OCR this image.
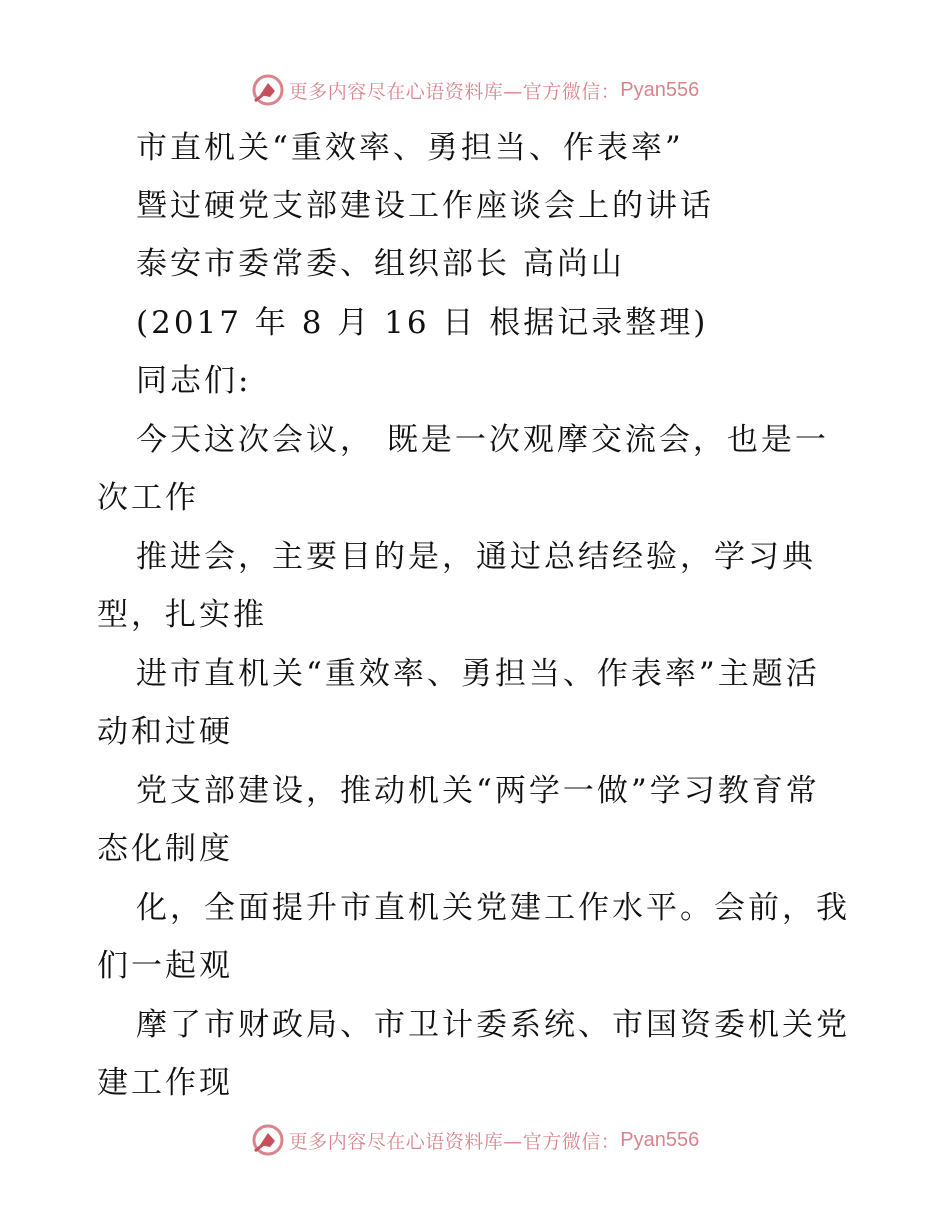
更多内容尽在心语资料库—官方微信： Pyan556
市直机关“重效率、勇担当、作表率”
暨过硬党支部建设工作座谈会上的讲话
泰安市委常委、组织部长 高尚山
(2017 年 8 月 16 日 根据记录整理)
同志们:
今天这次会议， 既是一次观摩交流会，也是一
次工作
推进会，主要目的是，通过总结经验，学习典
型，扎实推
进市直机关“重效率、勇担当、作表率”主题活
动和过硬
党支部建设，推动机关“两学一做”学习教育常
态化制度
化，全面提升市直机关党建工作水平。会前，我
们一起观
摩了市财政局、市卫计委系统、市国资委机关党
建工作现
更多内容尽在心语资料库—官方微信： Pyan556
